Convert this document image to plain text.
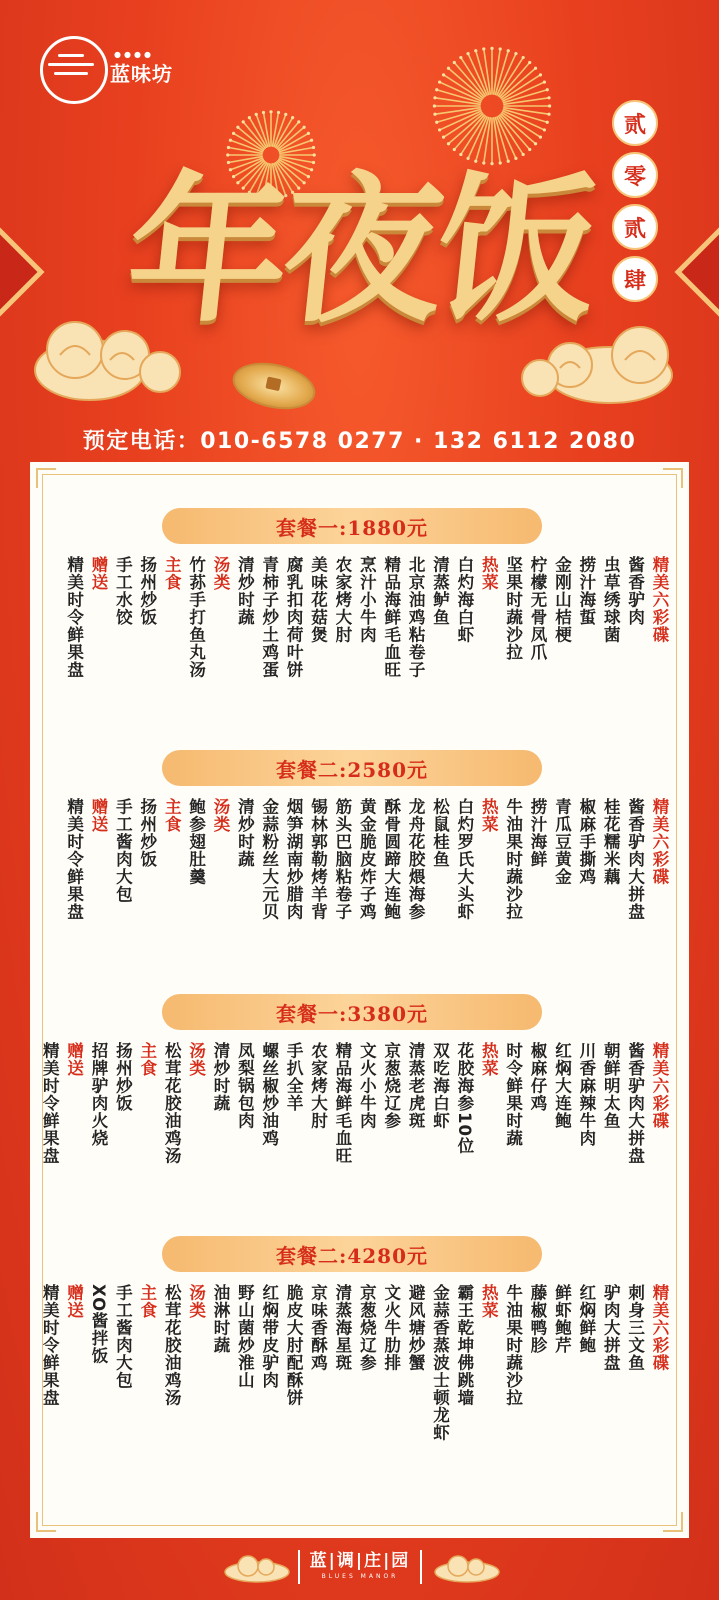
●●●●
蓝味坊
贰
零
贰
肆
年夜饭
预定电话：010-6578 0277 · 132 6112 2080
套餐一:1880元
精美六彩碟
酱香驴肉
虫草绣球菌
捞汁海蜇
金刚山桔梗
柠檬无骨凤爪
坚果时蔬沙拉
热菜
白灼海白虾
清蒸鲈鱼
北京油鸡粘卷子
精品海鲜毛血旺
烹汁小牛肉
农家烤大肘
美味花菇煲
腐乳扣肉荷叶饼
青柿子炒土鸡蛋
清炒时蔬
汤类
竹荪手打鱼丸汤
主食
扬州炒饭
手工水饺
赠送
精美时令鲜果盘
套餐二:2580元
精美六彩碟
酱香驴肉大拼盘
桂花糯米藕
椒麻手撕鸡
青瓜豆黄金
捞汁海鲜
牛油果时蔬沙拉
热菜
白灼罗氏大头虾
松鼠桂鱼
龙舟花胶煨海参
酥骨圆蹄大连鲍
黄金脆皮炸子鸡
筋头巴脑粘卷子
锡林郭勒烤羊背
烟笋湖南炒腊肉
金蒜粉丝大元贝
清炒时蔬
汤类
鲍参翅肚羹
主食
扬州炒饭
手工酱肉大包
赠送
精美时令鲜果盘
套餐一:3380元
精美六彩碟
酱香驴肉大拼盘
朝鲜明太鱼
川香麻辣牛肉
红焖大连鲍
椒麻仔鸡
时令鲜果时蔬
热菜
花胶海参10位
双吃海白虾
清蒸老虎斑
京葱烧辽参
文火小牛肉
精品海鲜毛血旺
农家烤大肘
手扒全羊
螺丝椒炒油鸡
凤梨锅包肉
清炒时蔬
汤类
松茸花胶油鸡汤
主食
扬州炒饭
招牌驴肉火烧
赠送
精美时令鲜果盘
套餐二:4280元
精美六彩碟
刺身三文鱼
驴肉大拼盘
红焖鲜鲍
鲜虾鲍芹
藤椒鸭胗
牛油果时蔬沙拉
热菜
霸王乾坤佛跳墙
金蒜香蒸波士顿龙虾
避风塘炒蟹
文火牛肋排
京葱烧辽参
清蒸海星斑
京味香酥鸡
脆皮大肘配酥饼
红焖带皮驴肉
野山菌炒淮山
油淋时蔬
汤类
松茸花胶油鸡汤
主食
手工酱肉大包
XO酱拌饭
赠送
精美时令鲜果盘
蓝|调|庄|园
BLUES MANOR
